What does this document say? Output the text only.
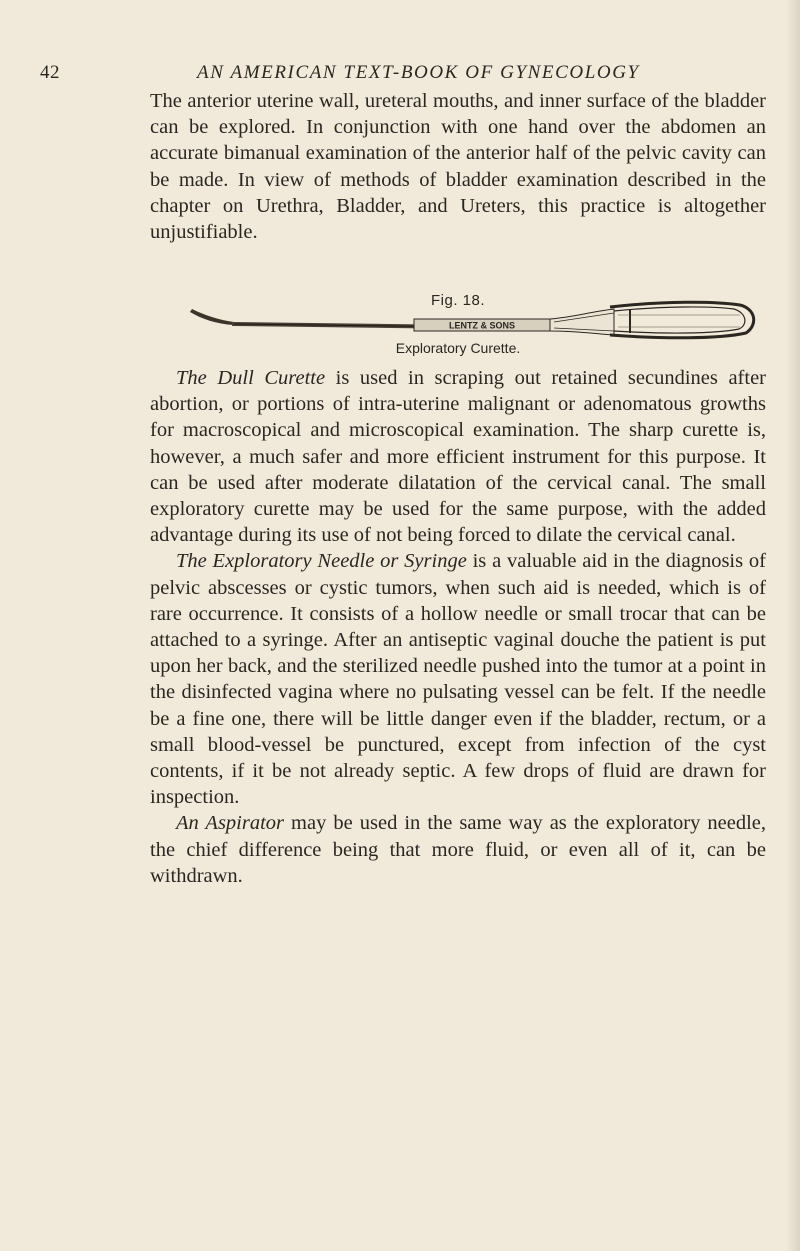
42	AN AMERICAN TEXT-BOOK OF GYNECOLOGY

The anterior uterine wall, ureteral mouths, and inner surface of the bladder can be explored. In conjunction with one hand over the abdomen an accurate bimanual examination of the anterior half of the pelvic cavity can be made. In view of methods of bladder examination described in the chapter on Urethra, Bladder, and Ureters, this practice is altogether unjustifiable.

Fig. 18.
LENTZ & SONS
Exploratory Curette.

The Dull Curette is used in scraping out retained secundines after abortion, or portions of intra-uterine malignant or adenomatous growths for macroscopical and microscopical examination. The sharp curette is, however, a much safer and more efficient instrument for this purpose. It can be used after moderate dilatation of the cervical canal. The small exploratory curette may be used for the same purpose, with the added advantage during its use of not being forced to dilate the cervical canal.

The Exploratory Needle or Syringe is a valuable aid in the diagnosis of pelvic abscesses or cystic tumors, when such aid is needed, which is of rare occurrence. It consists of a hollow needle or small trocar that can be attached to a syringe. After an antiseptic vaginal douche the patient is put upon her back, and the sterilized needle pushed into the tumor at a point in the disinfected vagina where no pulsating vessel can be felt. If the needle be a fine one, there will be little danger even if the bladder, rectum, or a small blood-vessel be punctured, except from infection of the cyst contents, if it be not already septic. A few drops of fluid are drawn for inspection.

An Aspirator may be used in the same way as the exploratory needle, the chief difference being that more fluid, or even all of it, can be withdrawn.
